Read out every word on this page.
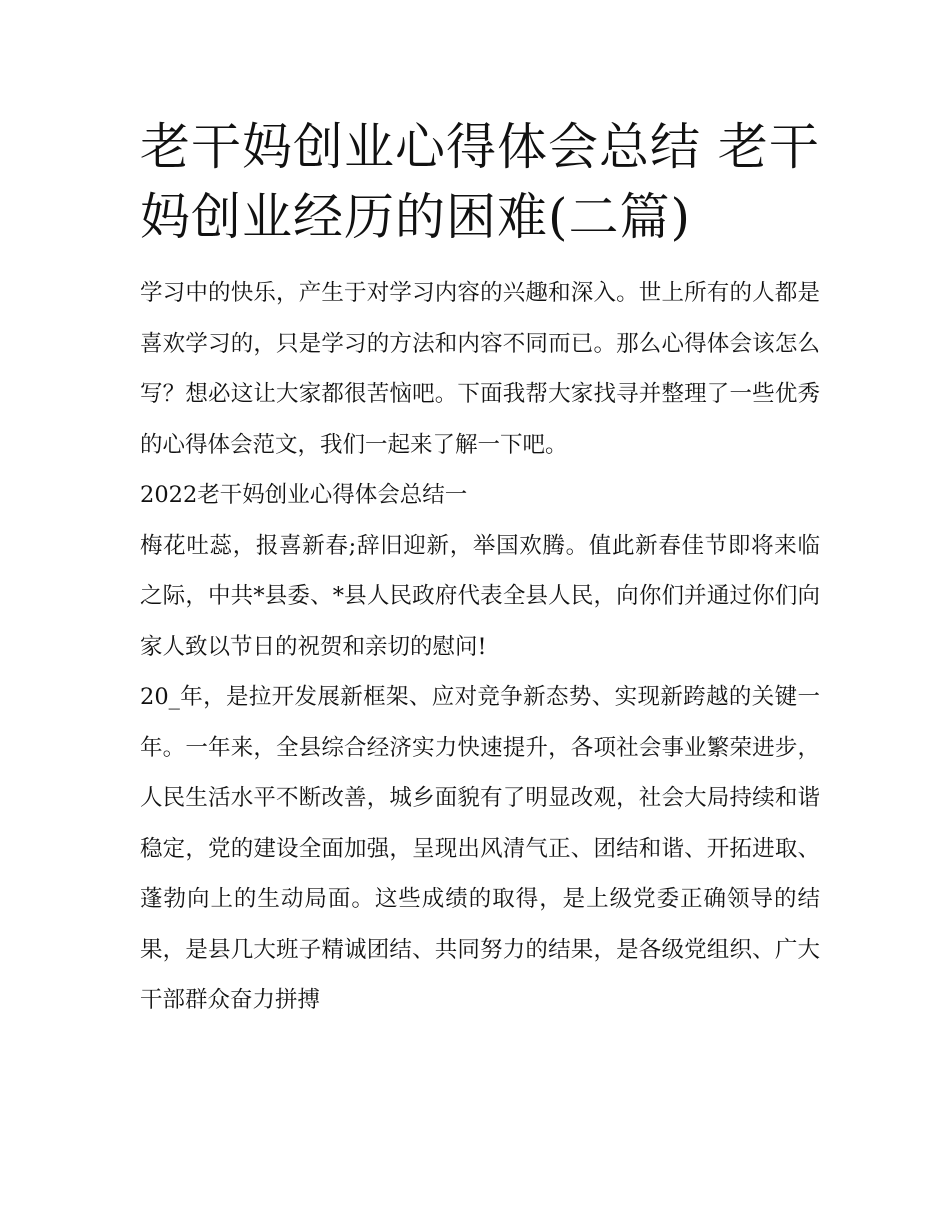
老干妈创业心得体会总结 老干妈创业经历的困难(二篇)

学习中的快乐，产生于对学习内容的兴趣和深入。世上所有的人都是喜欢学习的，只是学习的方法和内容不同而已。那么心得体会该怎么写？想必这让大家都很苦恼吧。下面我帮大家找寻并整理了一些优秀的心得体会范文，我们一起来了解一下吧。

2022老干妈创业心得体会总结一

梅花吐蕊，报喜新春;辞旧迎新，举国欢腾。值此新春佳节即将来临之际，中共*县委、*县人民政府代表全县人民，向你们并通过你们向家人致以节日的祝贺和亲切的慰问!

20_年，是拉开发展新框架、应对竞争新态势、实现新跨越的关键一年。一年来，全县综合经济实力快速提升，各项社会事业繁荣进步，人民生活水平不断改善，城乡面貌有了明显改观，社会大局持续和谐稳定，党的建设全面加强，呈现出风清气正、团结和谐、开拓进取、蓬勃向上的生动局面。这些成绩的取得，是上级党委正确领导的结果，是县几大班子精诚团结、共同努力的结果，是各级党组织、广大干部群众奋力拼搏
